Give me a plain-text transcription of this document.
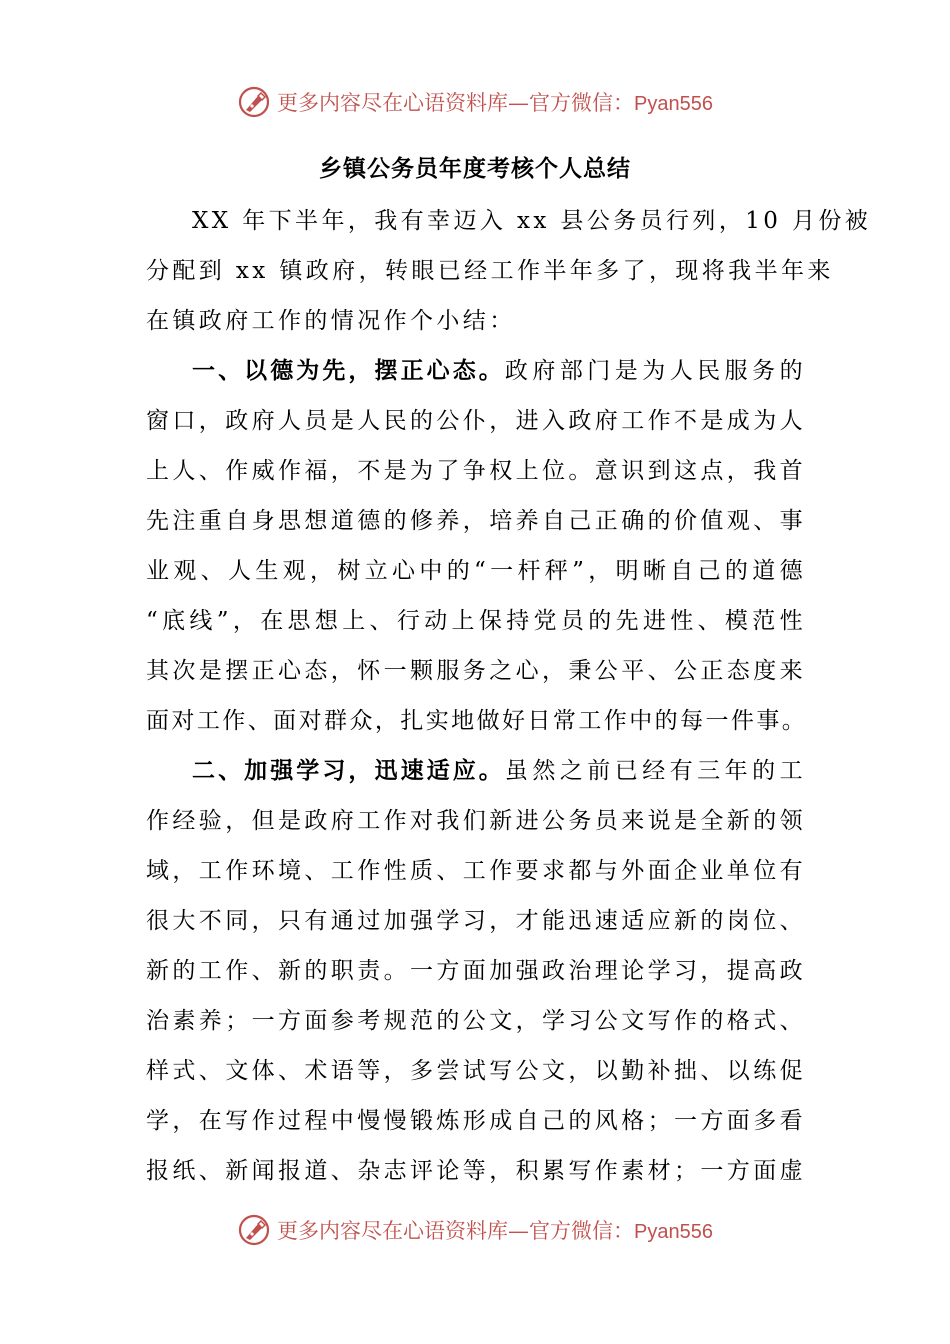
更多内容尽在心语资料库—官方微信：Pyan556
乡镇公务员年度考核个人总结
XX 年下半年，我有幸迈入 xx 县公务员行列，10 月份被
分配到 xx 镇政府，转眼已经工作半年多了，现将我半年来
在镇政府工作的情况作个小结：
一、以德为先，摆正心态。政府部门是为人民服务的
窗口，政府人员是人民的公仆，进入政府工作不是成为人
上人、作威作福，不是为了争权上位。意识到这点，我首
先注重自身思想道德的修养，培养自己正确的价值观、事
业观、人生观，树立心中的“一杆秤”，明晰自己的道德
“底线”，在思想上、行动上保持党员的先进性、模范性
其次是摆正心态，怀一颗服务之心，秉公平、公正态度来
面对工作、面对群众，扎实地做好日常工作中的每一件事。
二、加强学习，迅速适应。虽然之前已经有三年的工
作经验，但是政府工作对我们新进公务员来说是全新的领
域，工作环境、工作性质、工作要求都与外面企业单位有
很大不同，只有通过加强学习，才能迅速适应新的岗位、
新的工作、新的职责。一方面加强政治理论学习，提高政
治素养；一方面参考规范的公文，学习公文写作的格式、
样式、文体、术语等，多尝试写公文，以勤补拙、以练促
学，在写作过程中慢慢锻炼形成自己的风格；一方面多看
报纸、新闻报道、杂志评论等，积累写作素材；一方面虚
更多内容尽在心语资料库—官方微信：Pyan556
